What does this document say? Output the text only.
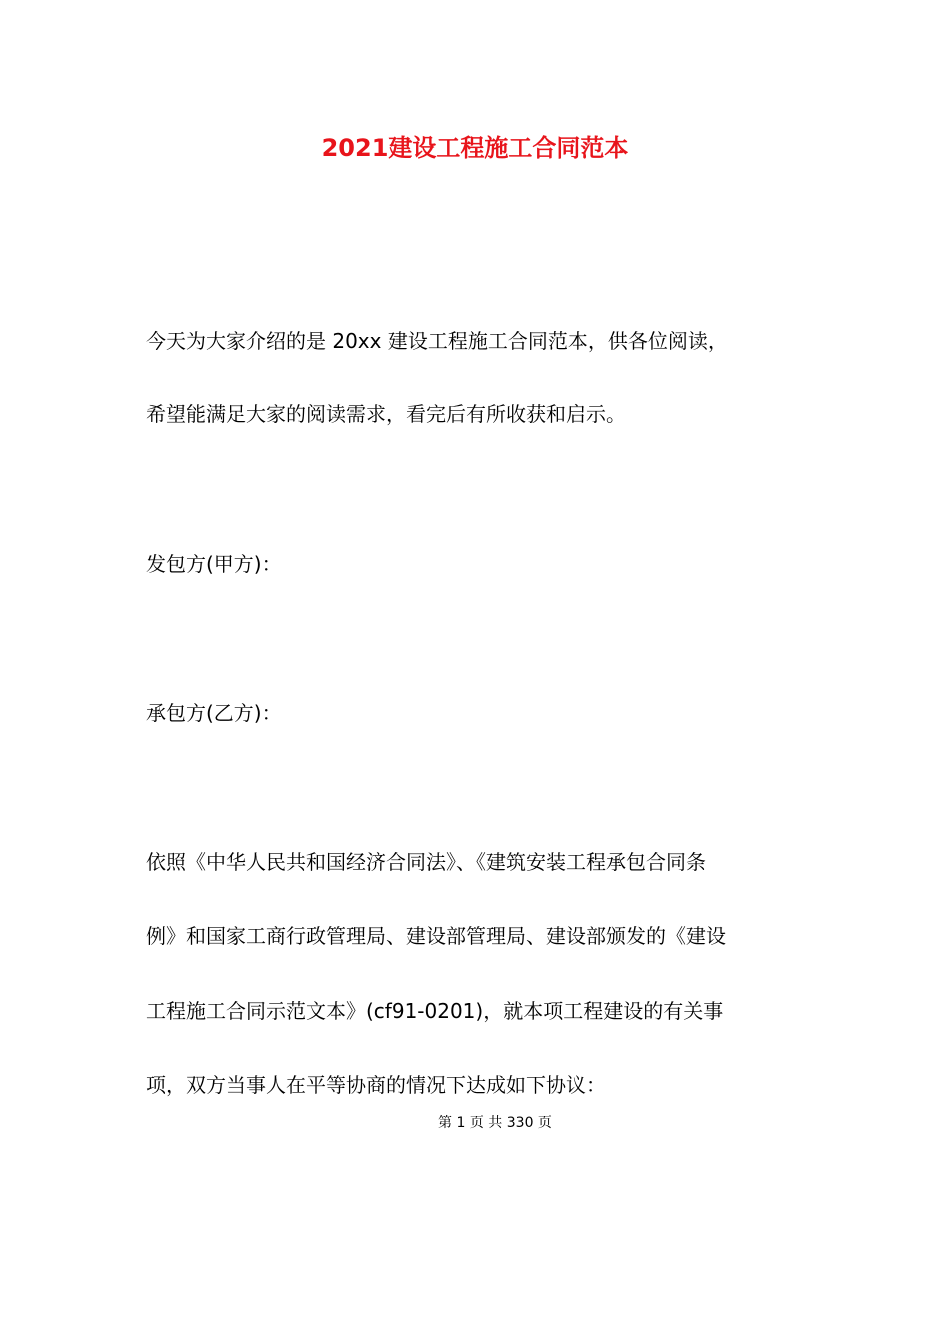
2021建设工程施工合同范本
今天为大家介绍的是 20xx 建设工程施工合同范本，供各位阅读，
希望能满足大家的阅读需求，看完后有所收获和启示。
发包方(甲方)：
承包方(乙方)：
依照《中华人民共和国经济合同法》、《建筑安装工程承包合同条
例》和国家工商行政管理局、建设部管理局、建设部颁发的《建设
工程施工合同示范文本》(cf91-0201)，就本项工程建设的有关事
项，双方当事人在平等协商的情况下达成如下协议：
第 1 页 共 330 页
